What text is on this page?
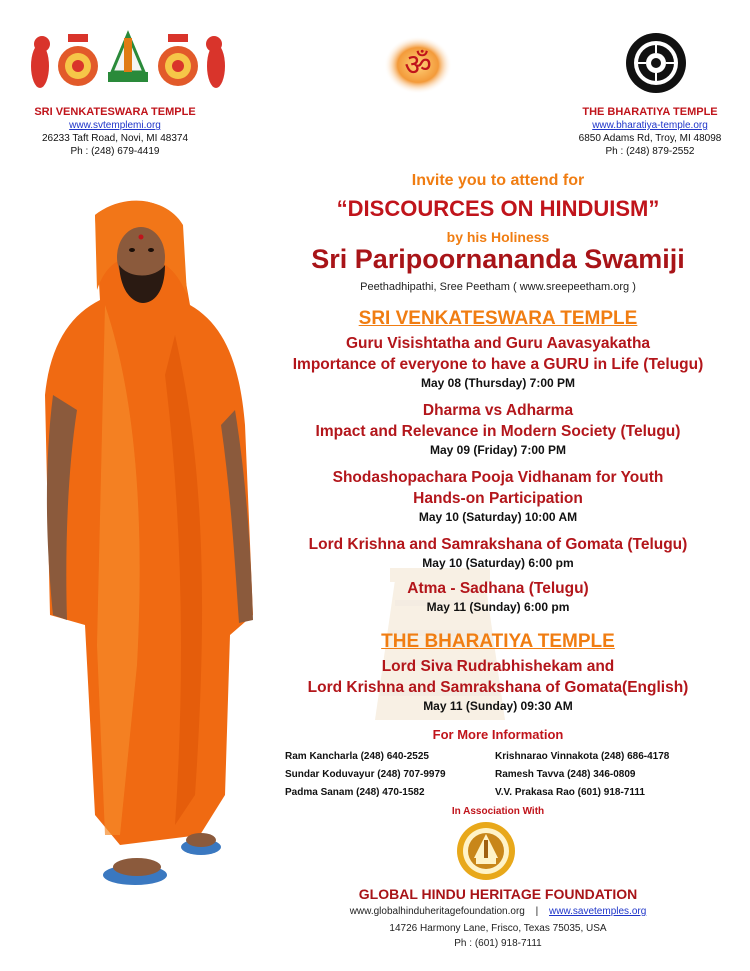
ॐ
SRI VENKATESWARA TEMPLE
www.svtemplemi.org
26233 Taft Road, Novi, MI 48374
Ph : (248) 679-4419
THE BHARATIYA TEMPLE
www.bharatiya-temple.org
6850 Adams Rd, Troy, MI 48098
Ph : (248) 879-2552
Invite you to attend for
“DISCOURCES ON HINDUISM”
by his Holiness
Sri Paripoornananda Swamiji
Peethadhipathi, Sree Peetham ( www.sreepeetham.org )
SRI VENKATESWARA TEMPLE
Guru Visishtatha and Guru Aavasyakatha
Importance of everyone to have a GURU in Life (Telugu)
May 08 (Thursday) 7:00 PM
Dharma vs Adharma
Impact and Relevance in Modern Society (Telugu)
May 09 (Friday) 7:00 PM
Shodashopachara Pooja Vidhanam for Youth
Hands-on Participation
May 10 (Saturday) 10:00 AM
Lord Krishna and Samrakshana of Gomata (Telugu)
May 10 (Saturday) 6:00 pm
Atma - Sadhana (Telugu)
May 11 (Sunday) 6:00 pm
THE BHARATIYA TEMPLE
Lord Siva Rudrabhishekam and
Lord Krishna and Samrakshana of Gomata(English)
May 11 (Sunday) 09:30 AM
For More Information
Ram Kancharla (248) 640-2525	Krishnarao Vinnakota (248) 686-4178
Sundar Koduvayur (248) 707-9979	Ramesh Tavva (248) 346-0809
Padma Sanam (248) 470-1582	V.V. Prakasa Rao (601) 918-7111
In Association With
GLOBAL HINDU HERITAGE FOUNDATION
www.globalhinduheritagefoundation.org | www.savetemples.org
14726 Harmony Lane, Frisco, Texas 75035, USA
Ph : (601) 918-7111
